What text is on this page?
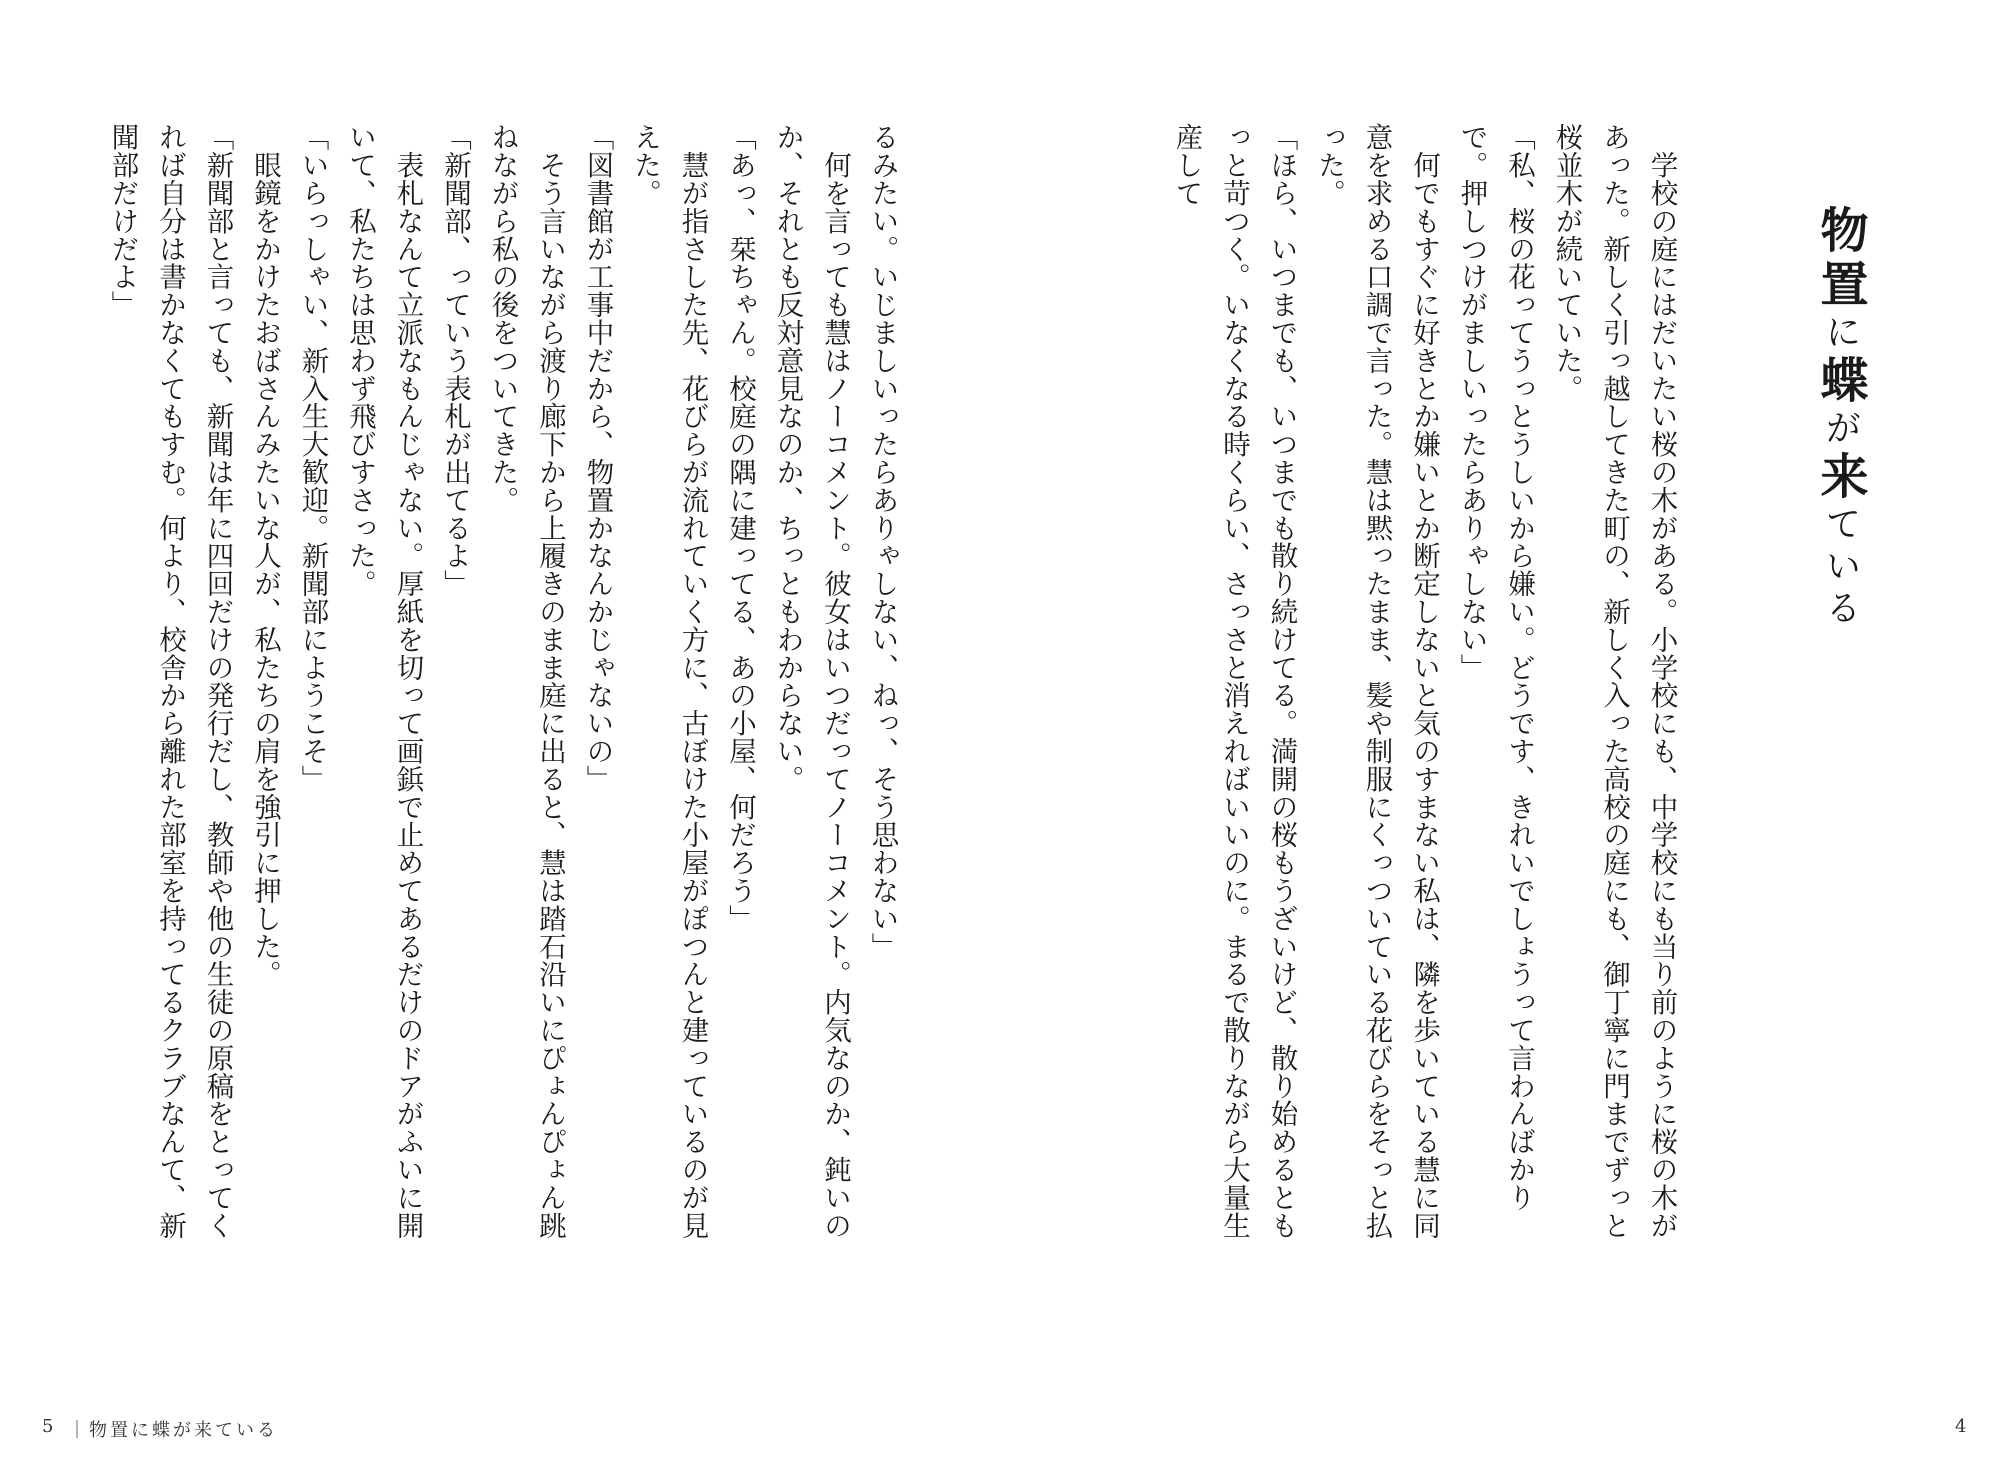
るみたい。いじましいったらありゃしない、ねっ、そう思わない」

　何を言っても慧はノーコメント。彼女はいつだってノーコメント。内気なのか、鈍いのか、それとも反対意見なのか、ちっともわからない。

「あっ、栞ちゃん。校庭の隅に建ってる、あの小屋、何だろう」

　慧が指さした先、花びらが流れていく方に、古ぼけた小屋がぽつんと建っているのが見えた。

「図書館が工事中だから、物置かなんかじゃないの」

　そう言いながら渡り廊下から上履きのまま庭に出ると、慧は踏石沿いにぴょんぴょん跳ねながら私の後をついてきた。

「新聞部、っていう表札が出てるよ」

　表札なんて立派なもんじゃない。厚紙を切って画鋲で止めてあるだけのドアがふいに開いて、私たちは思わず飛びすさった。

「いらっしゃい、新入生大歓迎。新聞部にようこそ」

　眼鏡をかけたおばさんみたいな人が、私たちの肩を強引に押した。

「新聞部と言っても、新聞は年に四回だけの発行だし、教師や他の生徒の原稿をとってくれば自分は書かなくてもすむ。何より、校舎から離れた部室を持ってるクラブなんて、新聞部だけだよ」

5 ｜物置に蝶が来ている
物置に蝶が来ている

　学校の庭にはだいたい桜の木がある。小学校にも、中学校にも当り前のように桜の木があった。新しく引っ越してきた町の、新しく入った高校の庭にも、御丁寧に門までずっと桜並木が続いていた。

「私、桜の花ってうっとうしいから嫌い。どうです、きれいでしょうって言わんばかりで。押しつけがましいったらありゃしない」

　何でもすぐに好きとか嫌いとか断定しないと気のすまない私は、隣を歩いている慧に同意を求める口調で言った。慧は黙ったまま、髪や制服にくっついている花びらをそっと払った。

「ほら、いつまでも、いつまでも散り続けてる。満開の桜もうざいけど、散り始めるともっと苛つく。いなくなる時くらい、さっさと消えればいいのに。まるで散りながら大量生産して

4
